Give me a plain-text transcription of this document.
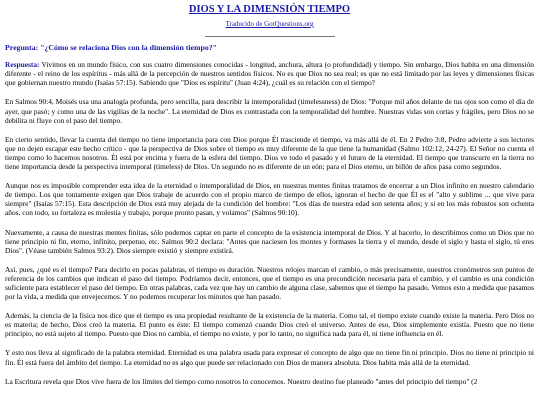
DIOS Y LA DIMENSIÓN TIEMPO
Traducido de GotQuestions.org
Pregunta: "¿Cómo se relaciona Dios con la dimensión tiempo?"

Respuesta: Vivimos en un mundo físico, con sus cuatro dimensiones conocidas - longitud, anchura, altura (o profundidad) y tiempo. Sin embargo, Dios habita en una dimensión diferente - el reino de los espíritus - más allá de la percepción de nuestros sentidos físicos. No es que Dios no sea real; es que no está limitado por las leyes y dimensiones físicas que gobiernan nuestro mundo (Isaías 57:15). Sabiendo que "Dios es espíritu" (Juan 4:24), ¿cuál es su relación con el tiempo?

En Salmos 90:4, Moisés usa una analogía profunda, pero sencilla, para describir la intemporalidad (timelessness) de Dios: "Porque mil años delante de tus ojos son como el día de ayer, que pasó; y como una de las vigilias de la noche". La eternidad de Dios es contrastada con la temporalidad del hombre. Nuestras vidas son cortas y frágiles, pero Dios no se debilita ni fluye con el paso del tiempo.

En cierto sentido, llevar la cuenta del tiempo no tiene importancia para con Dios porque Él trasciende el tiempo, va más allá de él. En 2 Pedro 3:8, Pedro advierte a sus lectores que no dejen escapar este hecho crítico - que la perspectiva de Dios sobre el tiempo es muy diferente de la que tiene la humanidad (Salmo 102:12, 24-27). El Señor no cuenta el tiempo como lo hacemos nosotros. Él está por encima y fuera de la esfera del tiempo. Dios ve todo el pasado y el futuro de la eternidad. El tiempo que transcurre en la tierra no tiene importancia desde la perspectiva intemporal (timeless) de Dios. Un segundo no es diferente de un eón; para el Dios eterno, un billón de años pasa como segundos.

Aunque nos es imposible comprender esta idea de la eternidad o intemporalidad de Dios, en nuestras mentes finitas tratamos de encerrar a un Dios infinito en nuestro calendario de tiempo. Los que tontamente exigen que Dios trabaje de acuerdo con el propio marco de tiempo de ellos, ignoran el hecho de que Él es el "alto y sublime ... que vive para siempre" (Isaías 57:15). Esta descripción de Dios está muy alejada de la condición del hombre: "Los días de nuestra edad son setenta años; y si en los más robustos son ochenta años, con todo, su fortaleza es molestia y trabajo, porque pronto pasan, y volamos" (Salmos 90:10).

Nuevamente, a causa de nuestras mentes finitas, sólo podemos captar en parte el concepto de la existencia intemporal de Dios. Y al hacerlo, lo describimos como un Dios que no tiene principio ni fin, eterno, infinito, perpetuo, etc. Salmos 90:2 declara: "Antes que naciesen los montes y formases la tierra y el mundo, desde el siglo y hasta el siglo, tú eres Dios". (Véase también Salmos 93:2). Dios siempre existió y siempre existirá.

Así, pues, ¿qué es el tiempo? Para decirlo en pocas palabras, el tiempo es duración. Nuestros relojes marcan el cambio, o más precisamente, nuestros cronómetros son puntos de referencia de los cambios que indican el paso del tiempo. Podríamos decir, entonces, que el tiempo es una precondición necesaria para el cambio, y el cambio es una condición suficiente para establecer el paso del tiempo. En otras palabras, cada vez que hay un cambio de alguna clase, sabemos que el tiempo ha pasado. Vemos esto a medida que pasamos por la vida, a medida que envejecemos. Y no podemos recuperar los minutos que han pasado.

Además, la ciencia de la física nos dice que el tiempo es una propiedad resultante de la existencia de la materia. Como tal, el tiempo existe cuando existe la materia. Pero Dios no es materia; de hecho, Dios creó la materia. El punto es éste: El tiempo comenzó cuando Dios creó el universo. Antes de eso, Dios simplemente existía. Puesto que no tiene principio, no está sujeto al tiempo. Puesto que Dios no cambia, el tiempo no existe, y por lo tanto, no significa nada para él, ni tiene influencia en él.

Y esto nos lleva al significado de la palabra eternidad. Eternidad es una palabra usada para expresar el concepto de algo que no tiene fin ni principio. Dios no tiene ni principio ni fin. Él está fuera del ámbito del tiempo. La eternidad no es algo que puede ser relacionado con Dios de manera absoluta. Dios habita más allá de la eternidad.

La Escritura revela que Dios vive fuera de los límites del tiempo como nosotros lo conocemos. Nuestro destino fue planeado "antes del principio del tiempo" (2
